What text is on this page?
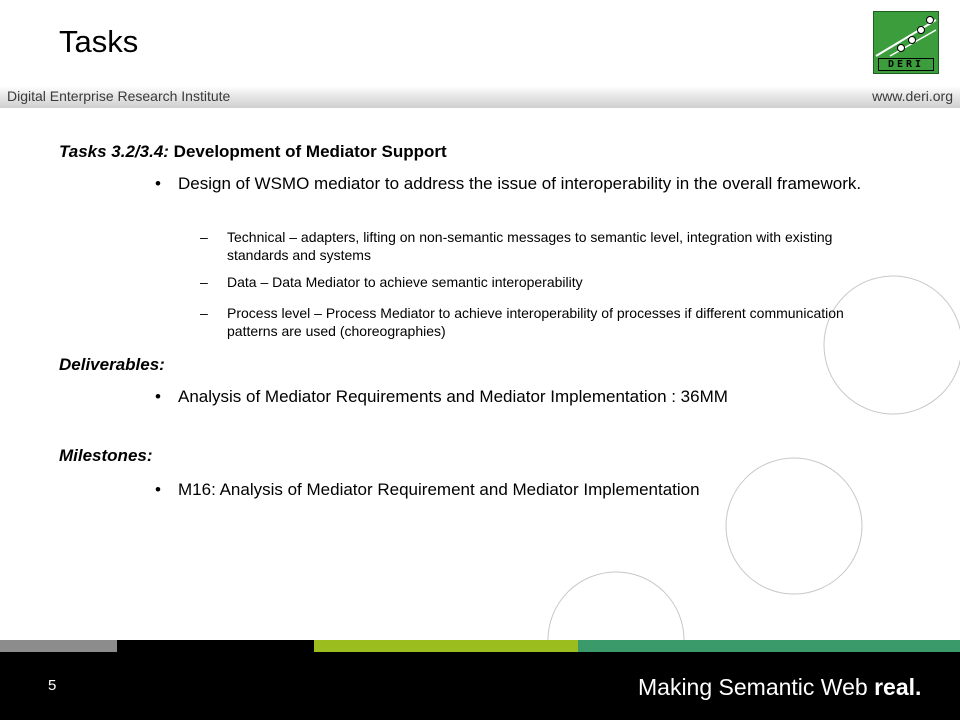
Tasks
DERI
Digital Enterprise Research Institute	www.deri.org
Tasks 3.2/3.4: Development of Mediator Support
• Design of WSMO mediator to address the issue of interoperability in the overall framework.
– Technical – adapters, lifting on non-semantic messages to semantic level, integration with existing standards and systems
– Data – Data Mediator to achieve semantic interoperability
– Process level – Process Mediator to achieve interoperability of processes if different communication patterns are used (choreographies)
Deliverables:
• Analysis of Mediator Requirements and Mediator Implementation : 36MM
Milestones:
• M16: Analysis of Mediator Requirement and Mediator Implementation
5	Making Semantic Web real.
